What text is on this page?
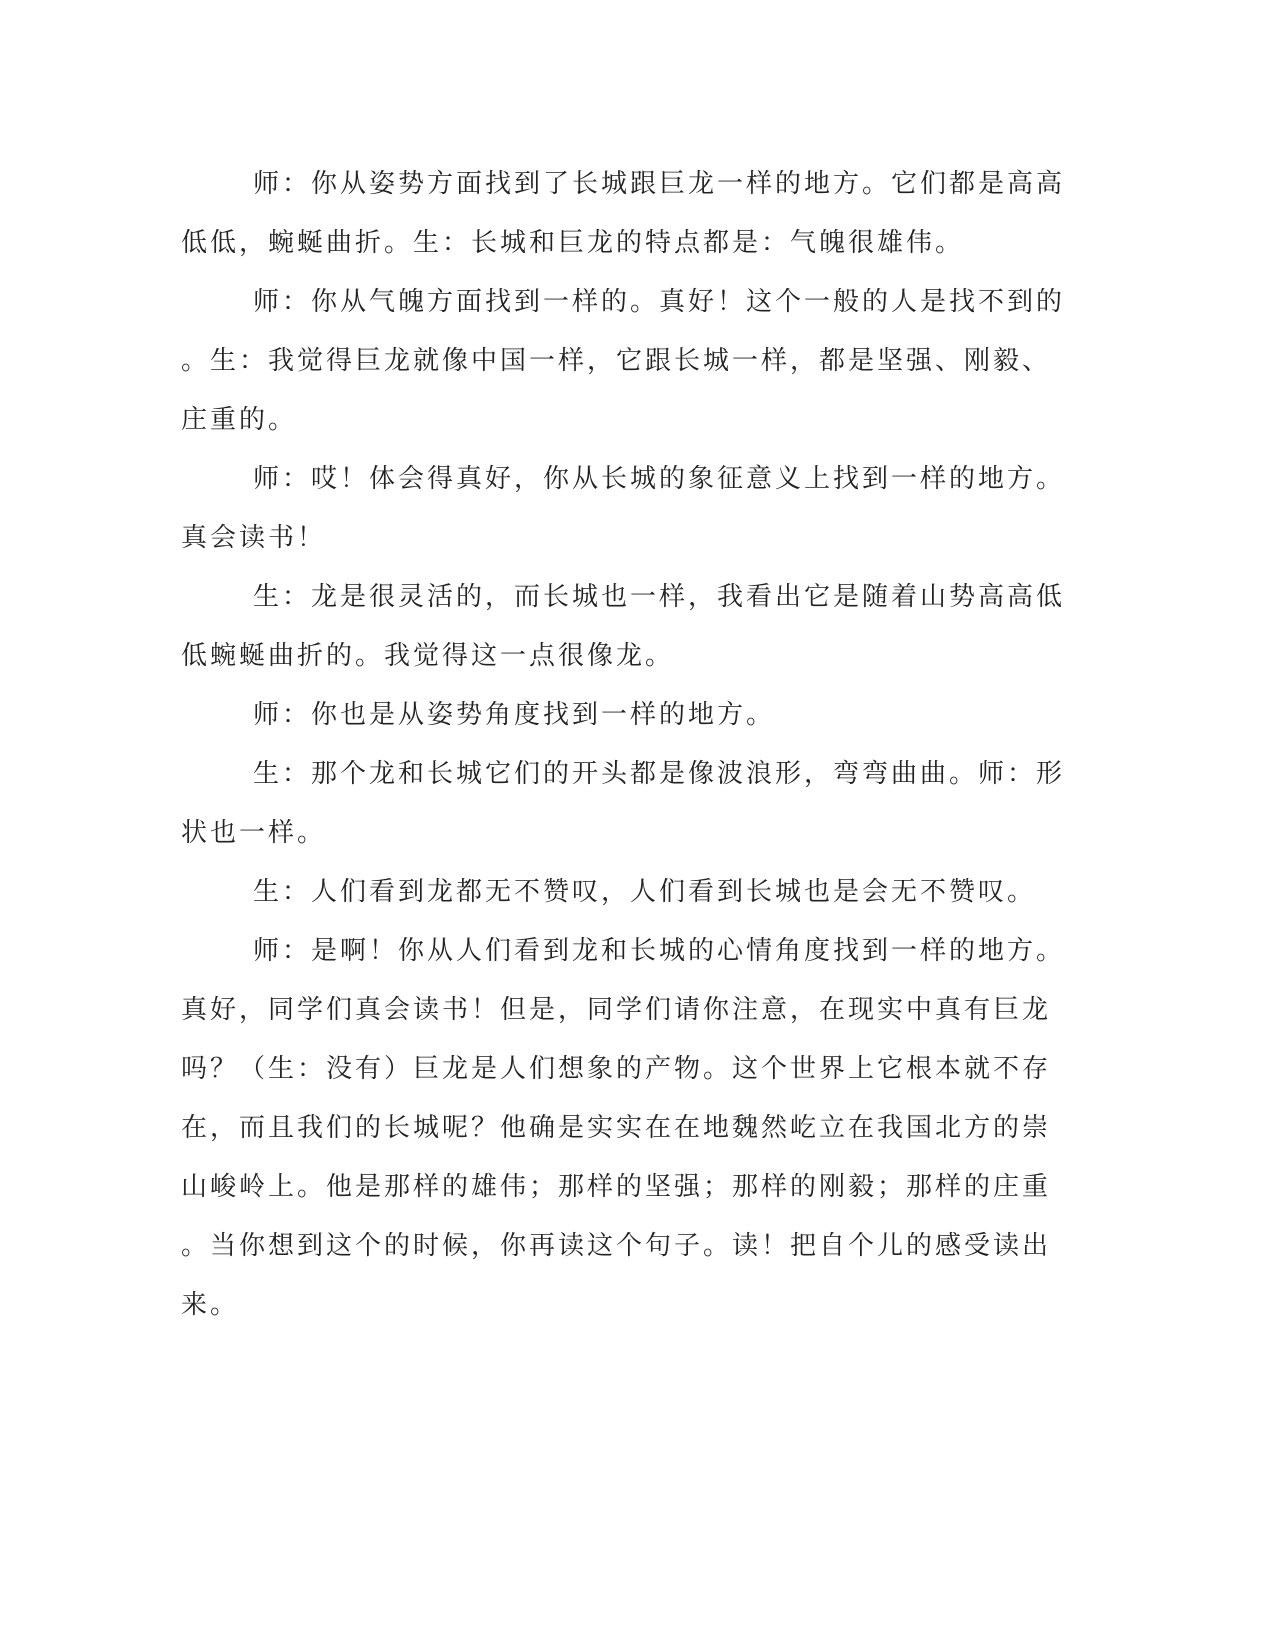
师：你从姿势方面找到了长城跟巨龙一样的地方。它们都是高高
低低，蜿蜒曲折。生：长城和巨龙的特点都是：气魄很雄伟。
师：你从气魄方面找到一样的。真好！这个一般的人是找不到的
。生：我觉得巨龙就像中国一样，它跟长城一样，都是坚强、刚毅、
庄重的。
师：哎！体会得真好，你从长城的象征意义上找到一样的地方。
真会读书！
生：龙是很灵活的，而长城也一样，我看出它是随着山势高高低
低蜿蜒曲折的。我觉得这一点很像龙。
师：你也是从姿势角度找到一样的地方。
生：那个龙和长城它们的开头都是像波浪形，弯弯曲曲。师：形
状也一样。
生：人们看到龙都无不赞叹，人们看到长城也是会无不赞叹。
师：是啊！你从人们看到龙和长城的心情角度找到一样的地方。
真好，同学们真会读书！但是，同学们请你注意，在现实中真有巨龙
吗？（生：没有）巨龙是人们想象的产物。这个世界上它根本就不存
在，而且我们的长城呢？他确是实实在在地魏然屹立在我国北方的崇
山峻岭上。他是那样的雄伟；那样的坚强；那样的刚毅；那样的庄重
。当你想到这个的时候，你再读这个句子。读！把自个儿的感受读出
来。
